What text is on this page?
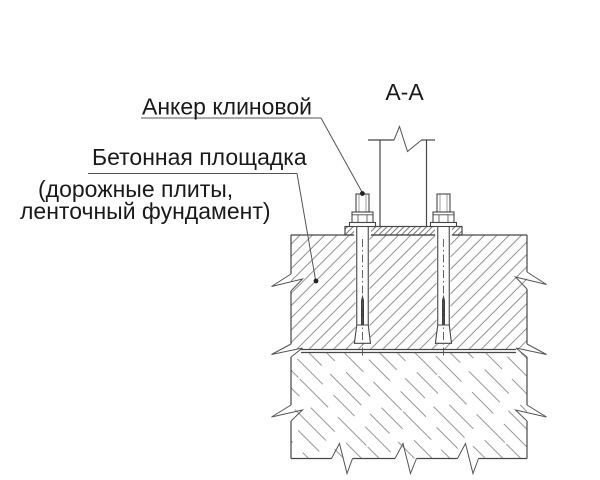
А-А
Анкер клиновой
Бетонная площадка
(дорожные плиты,
ленточный фундамент)
